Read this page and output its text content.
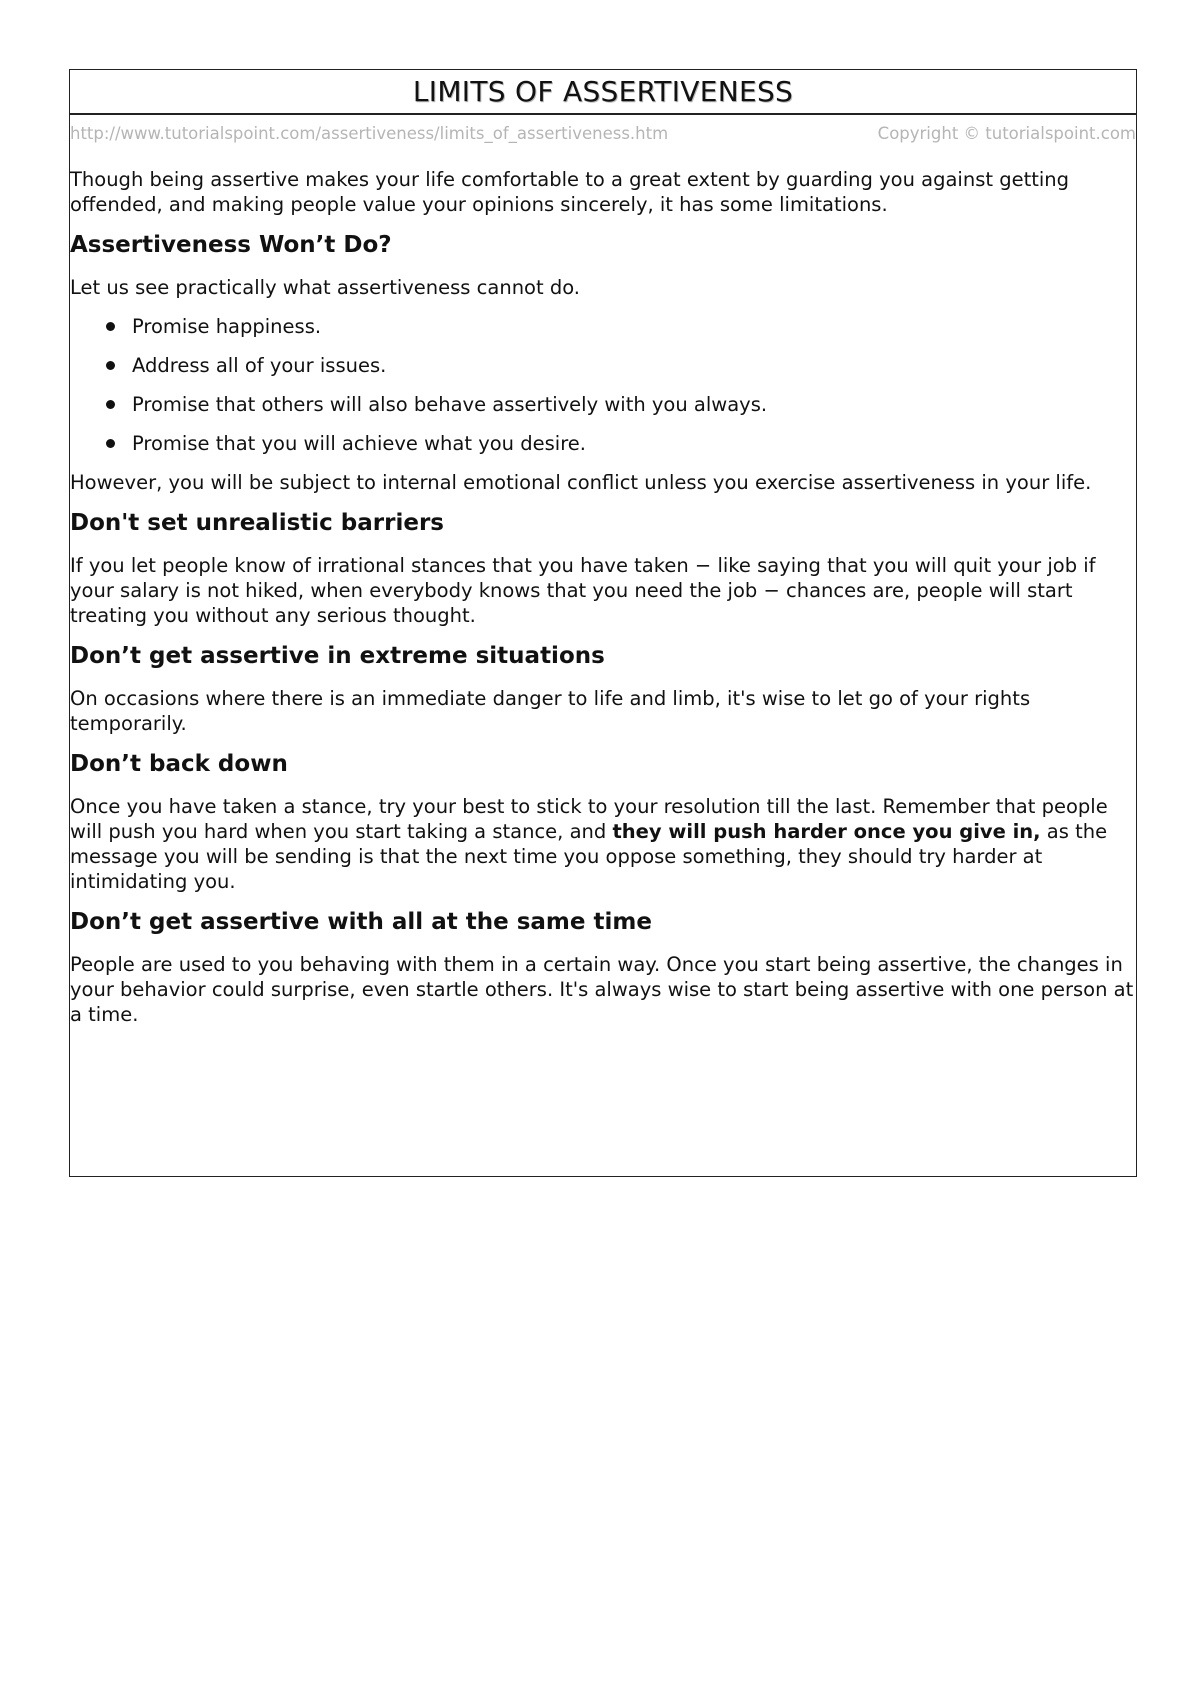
LIMITS OF ASSERTIVENESS
http://www.tutorialspoint.com/assertiveness/limits_of_assertiveness.htm	Copyright © tutorialspoint.com

Though being assertive makes your life comfortable to a great extent by guarding you against getting offended, and making people value your opinions sincerely, it has some limitations.

Assertiveness Won’t Do?

Let us see practically what assertiveness cannot do.

Promise happiness.
Address all of your issues.
Promise that others will also behave assertively with you always.
Promise that you will achieve what you desire.

However, you will be subject to internal emotional conflict unless you exercise assertiveness in your life.

Don't set unrealistic barriers

If you let people know of irrational stances that you have taken − like saying that you will quit your job if your salary is not hiked, when everybody knows that you need the job − chances are, people will start treating you without any serious thought.

Don’t get assertive in extreme situations

On occasions where there is an immediate danger to life and limb, it's wise to let go of your rights temporarily.

Don’t back down

Once you have taken a stance, try your best to stick to your resolution till the last. Remember that people will push you hard when you start taking a stance, and they will push harder once you give in, as the message you will be sending is that the next time you oppose something, they should try harder at intimidating you.

Don’t get assertive with all at the same time

People are used to you behaving with them in a certain way. Once you start being assertive, the changes in your behavior could surprise, even startle others. It's always wise to start being assertive with one person at a time.
